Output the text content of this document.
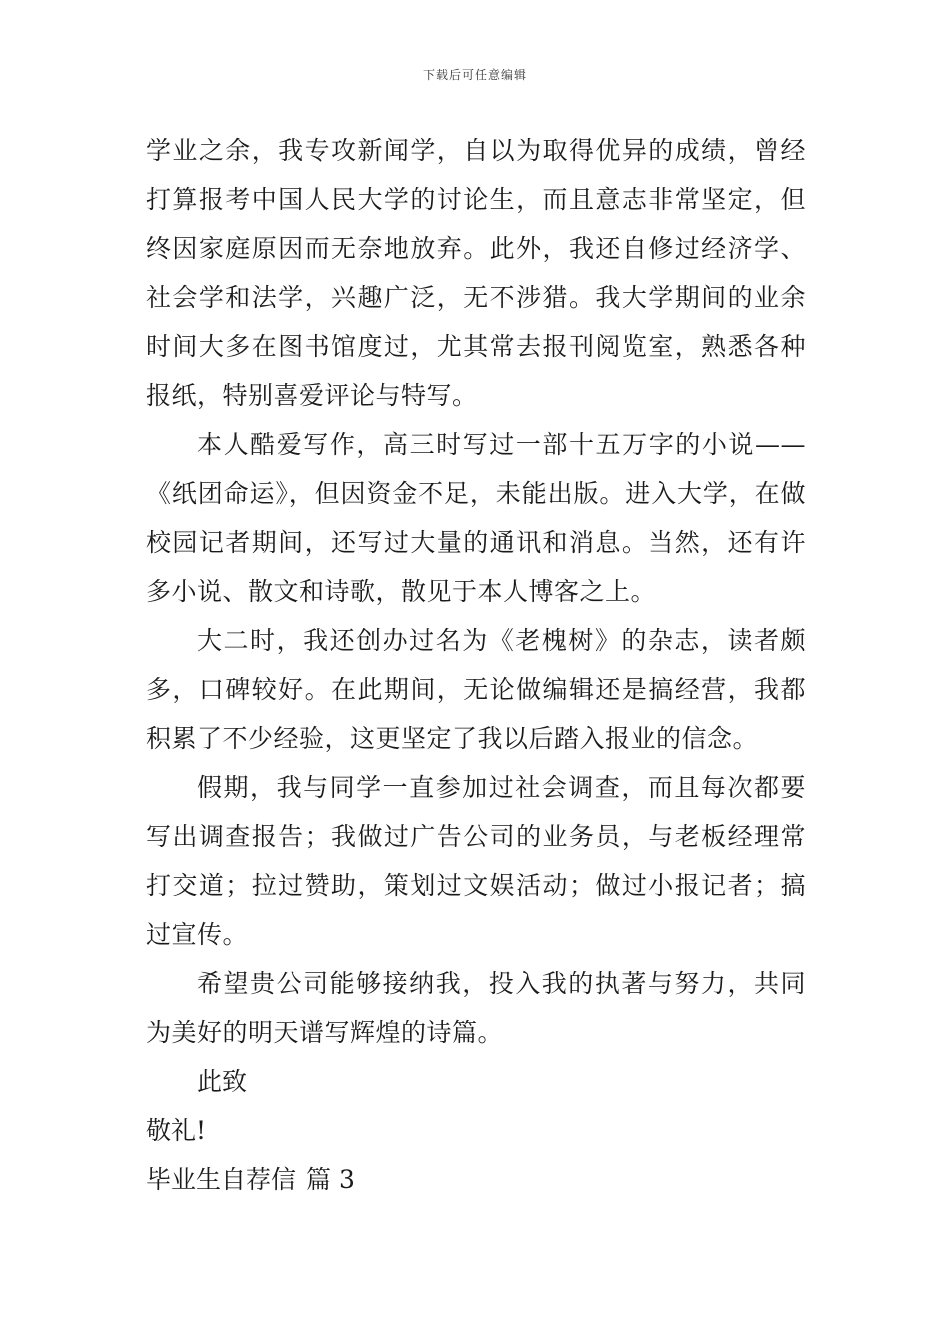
下载后可任意编辑

学业之余，我专攻新闻学，自以为取得优异的成绩，曾经打算报考中国人民大学的讨论生，而且意志非常坚定，但终因家庭原因而无奈地放弃。此外，我还自修过经济学、社会学和法学，兴趣广泛，无不涉猎。我大学期间的业余时间大多在图书馆度过，尤其常去报刊阅览室，熟悉各种报纸，特别喜爱评论与特写。

本人酷爱写作，高三时写过一部十五万字的小说——《纸团命运》，但因资金不足，未能出版。进入大学，在做校园记者期间，还写过大量的通讯和消息。当然，还有许多小说、散文和诗歌，散见于本人博客之上。

大二时，我还创办过名为《老槐树》的杂志，读者颇多，口碑较好。在此期间，无论做编辑还是搞经营，我都积累了不少经验，这更坚定了我以后踏入报业的信念。

假期，我与同学一直参加过社会调查，而且每次都要写出调查报告；我做过广告公司的业务员，与老板经理常打交道；拉过赞助，策划过文娱活动；做过小报记者；搞过宣传。

希望贵公司能够接纳我，投入我的执著与努力，共同为美好的明天谱写辉煌的诗篇。

此致

敬礼!

毕业生自荐信 篇 3
